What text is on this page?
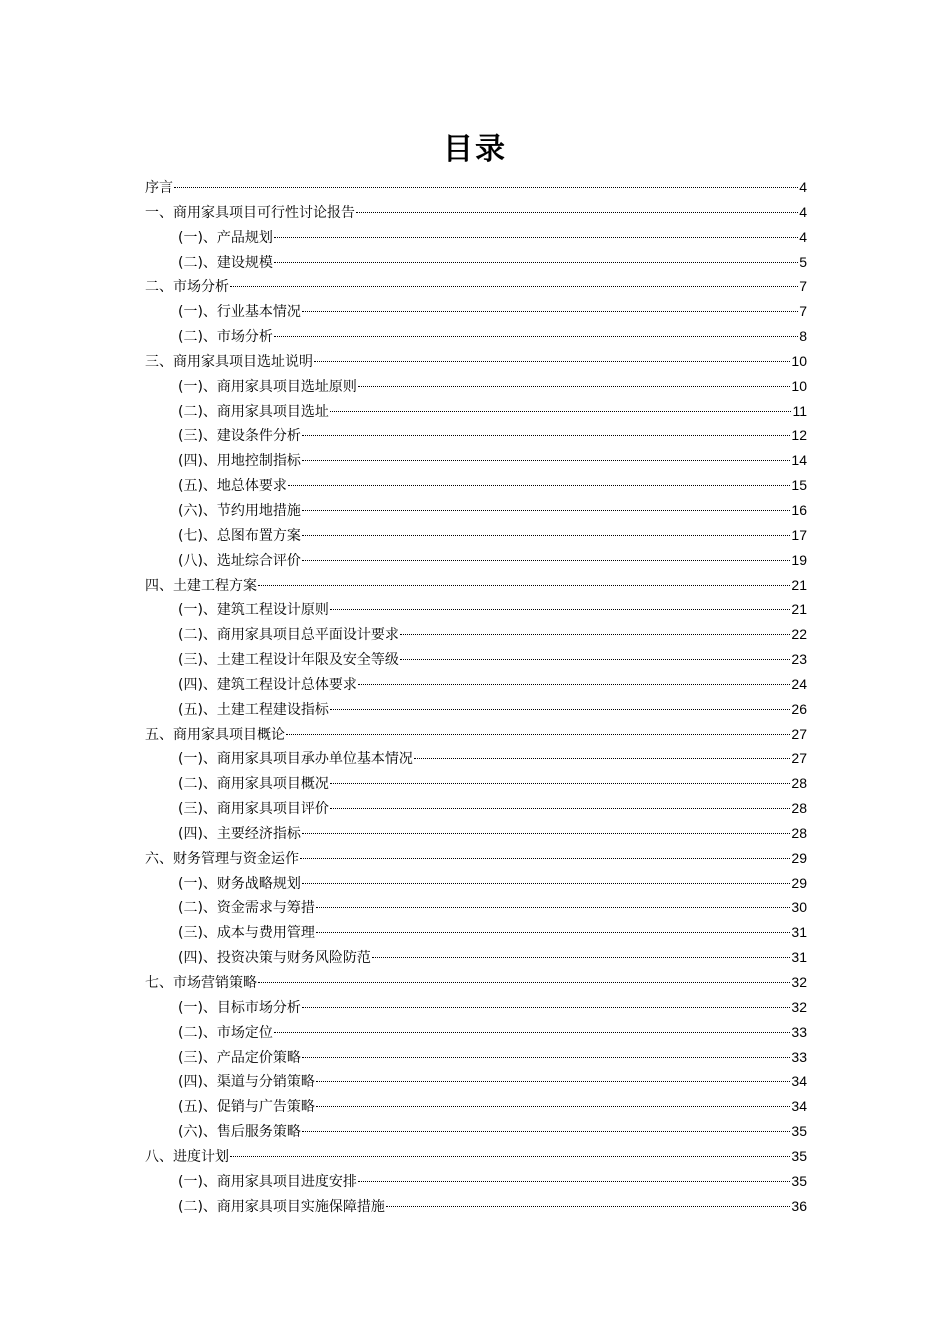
目录
序言	4
一、商用家具项目可行性讨论报告	4
(一)、产品规划	4
(二)、建设规模	5
二、市场分析	7
(一)、行业基本情况	7
(二)、市场分析	8
三、商用家具项目选址说明	10
(一)、商用家具项目选址原则	10
(二)、商用家具项目选址	11
(三)、建设条件分析	12
(四)、用地控制指标	14
(五)、地总体要求	15
(六)、节约用地措施	16
(七)、总图布置方案	17
(八)、选址综合评价	19
四、土建工程方案	21
(一)、建筑工程设计原则	21
(二)、商用家具项目总平面设计要求	22
(三)、土建工程设计年限及安全等级	23
(四)、建筑工程设计总体要求	24
(五)、土建工程建设指标	26
五、商用家具项目概论	27
(一)、商用家具项目承办单位基本情况	27
(二)、商用家具项目概况	28
(三)、商用家具项目评价	28
(四)、主要经济指标	28
六、财务管理与资金运作	29
(一)、财务战略规划	29
(二)、资金需求与筹措	30
(三)、成本与费用管理	31
(四)、投资决策与财务风险防范	31
七、市场营销策略	32
(一)、目标市场分析	32
(二)、市场定位	33
(三)、产品定价策略	33
(四)、渠道与分销策略	34
(五)、促销与广告策略	34
(六)、售后服务策略	35
八、进度计划	35
(一)、商用家具项目进度安排	35
(二)、商用家具项目实施保障措施	36
